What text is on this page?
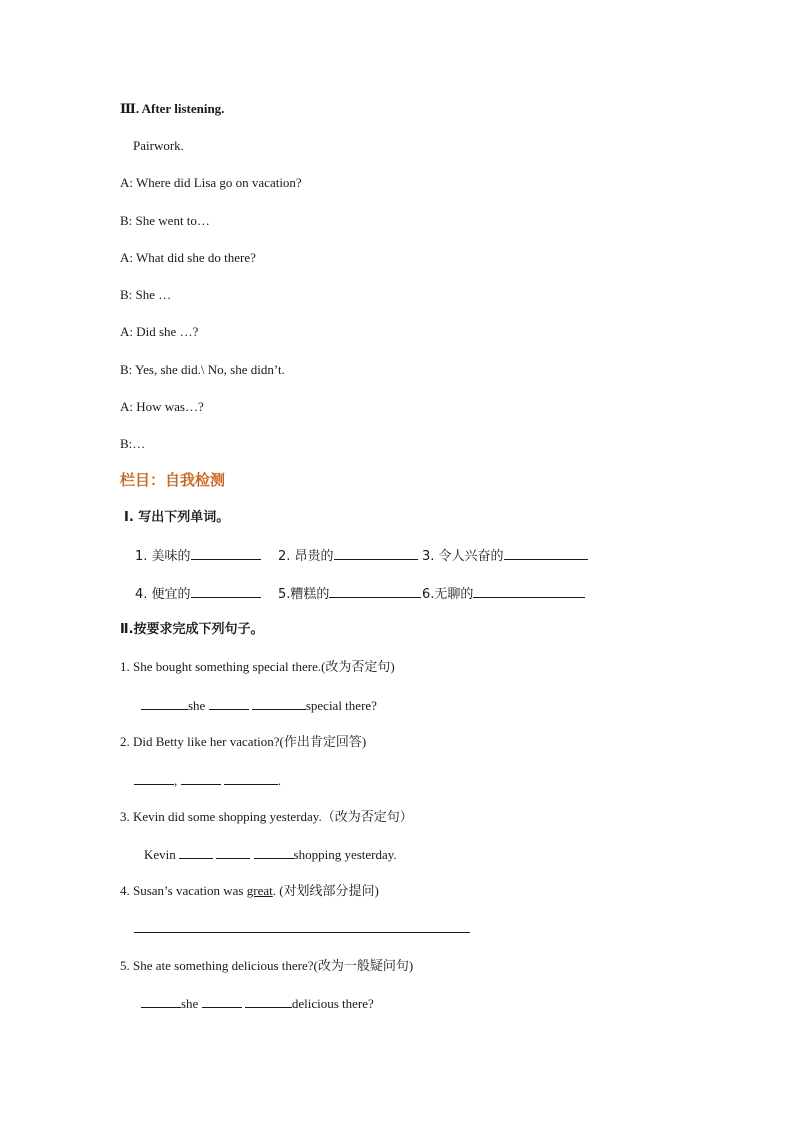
Ⅲ. After listening.
Pairwork.
A: Where did Lisa go on vacation?
B: She went to…
A: What did she do there?
B: She …
A: Did she …?
B: Yes, she did.\ No, she didn’t.
A: How was…?
B:…
栏目：自我检测
Ⅰ. 写出下列单词。
1. 美味的	2. 昂贵的	3. 令人兴奋的
4. 便宜的	5.糟糕的	6.无聊的
Ⅱ.按要求完成下列句子。
1. She bought something special there.(改为否定句)
she	special there?
2. Did Betty like her vacation?(作出肯定回答)
,	.
3. Kevin did some shopping yesterday.（改为否定句）
Kevin	shopping yesterday.
4. Susan’s vacation was great. (对划线部分提问)
5. She ate something delicious there?(改为一般疑问句)
she	delicious there?
